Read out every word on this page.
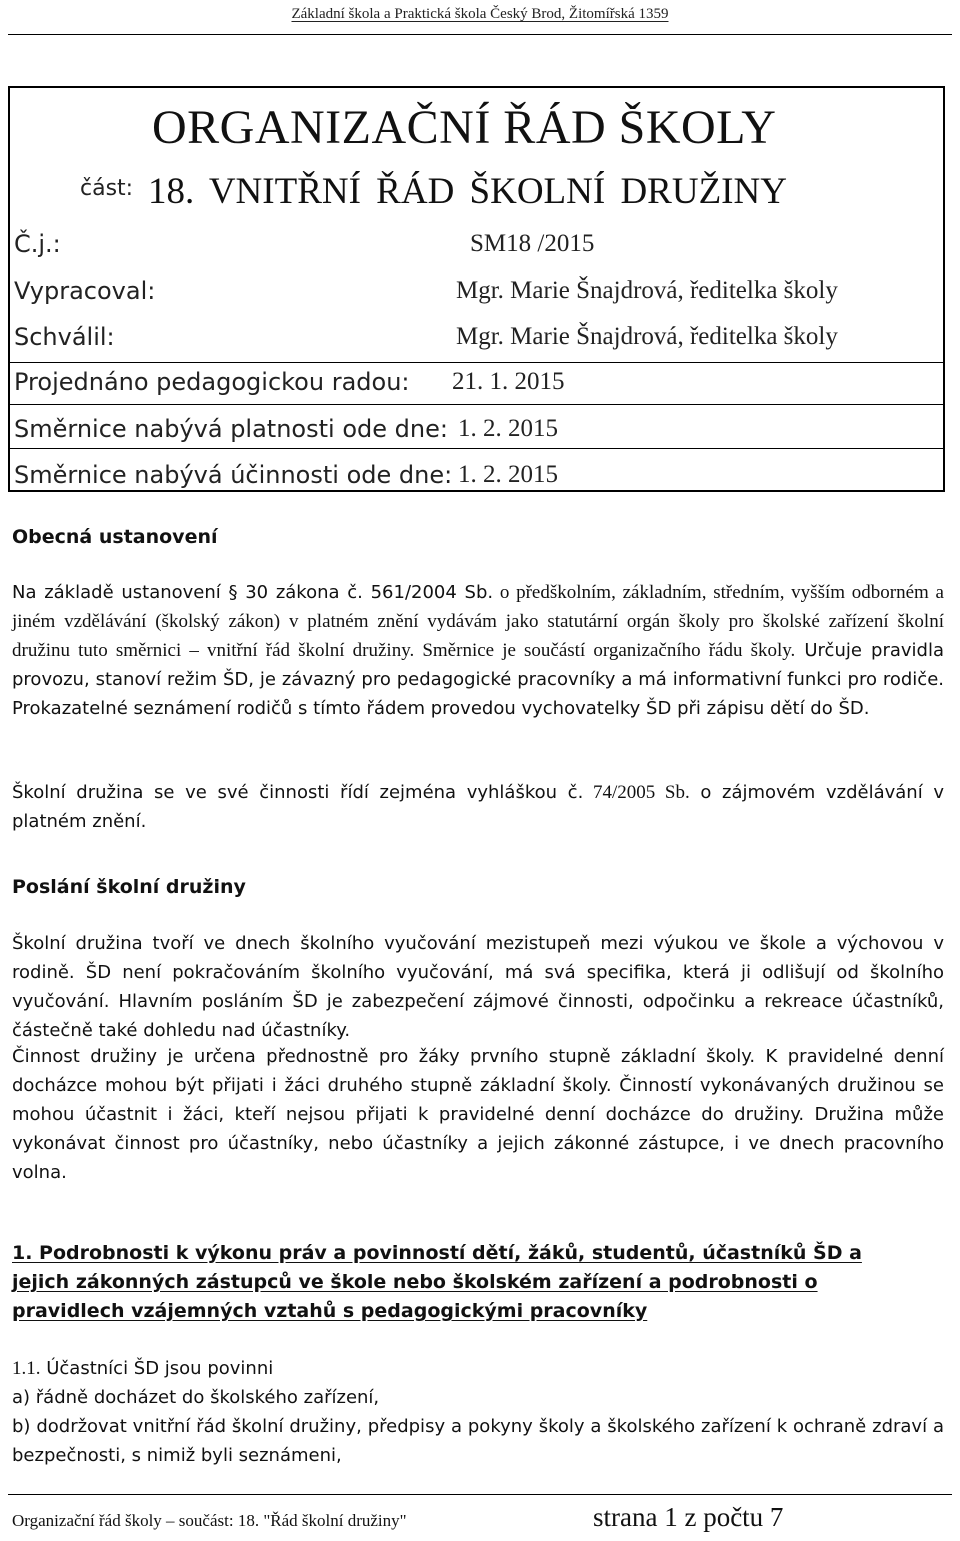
Základní škola a Praktická škola Český Brod, Žitomířská 1359
ORGANIZAČNÍ ŘÁD ŠKOLY
část: 18. VNITŘNÍ ŘÁD ŠKOLNÍ DRUŽINY
Č.j.:	SM18 /2015
Vypracoval:	Mgr. Marie Šnajdrová, ředitelka školy
Schválil:	Mgr. Marie Šnajdrová, ředitelka školy
Projednáno pedagogickou radou: 21. 1. 2015
Směrnice nabývá platnosti ode dne: 1. 2. 2015
Směrnice nabývá účinnosti ode dne: 1. 2. 2015
Obecná ustanovení

Na základě ustanovení § 30 zákona č. 561/2004 Sb. o předškolním, základním, středním, vyšším odborném a jiném vzdělávání (školský zákon) v platném znění vydávám jako statutární orgán školy pro školské zařízení školní družinu tuto směrnici – vnitřní řád školní družiny. Směrnice je součástí organizačního řádu školy. Určuje pravidla provozu, stanoví režim ŠD, je závazný pro pedagogické pracovníky a má informativní funkci pro rodiče. Prokazatelné seznámení rodičů s tímto řádem provedou vychovatelky ŠD při zápisu dětí do ŠD.

Školní družina se ve své činnosti řídí zejména vyhláškou č. 74/2005 Sb. o zájmovém vzdělávání v platném znění.

Poslání školní družiny

Školní družina tvoří ve dnech školního vyučování mezistupeň mezi výukou ve škole a výchovou v rodině. ŠD není pokračováním školního vyučování, má svá specifika, která ji odlišují od školního vyučování. Hlavním posláním ŠD je zabezpečení zájmové činnosti, odpočinku a rekreace účastníků, částečně také dohledu nad účastníky.

Činnost družiny je určena přednostně pro žáky prvního stupně základní školy. K pravidelné denní docházce mohou být přijati i žáci druhého stupně základní školy. Činností vykonávaných družinou se mohou účastnit i žáci, kteří nejsou přijati k pravidelné denní docházce do družiny. Družina může vykonávat činnost pro účastníky, nebo účastníky a jejich zákonné zástupce, i ve dnech pracovního volna.

1. Podrobnosti k výkonu práv a povinností dětí, žáků, studentů, účastníků ŠD a jejich zákonných zástupců ve škole nebo školském zařízení a podrobnosti o pravidlech vzájemných vztahů s pedagogickými pracovníky

1.1. Účastníci ŠD jsou povinni

a) řádně docházet do školského zařízení,

b) dodržovat vnitřní řád školní družiny, předpisy a pokyny školy a školského zařízení k ochraně zdraví a bezpečnosti, s nimiž byli seznámeni,

Organizační řád školy – součást: 18. "Řád školní družiny"	strana 1 z počtu 7
